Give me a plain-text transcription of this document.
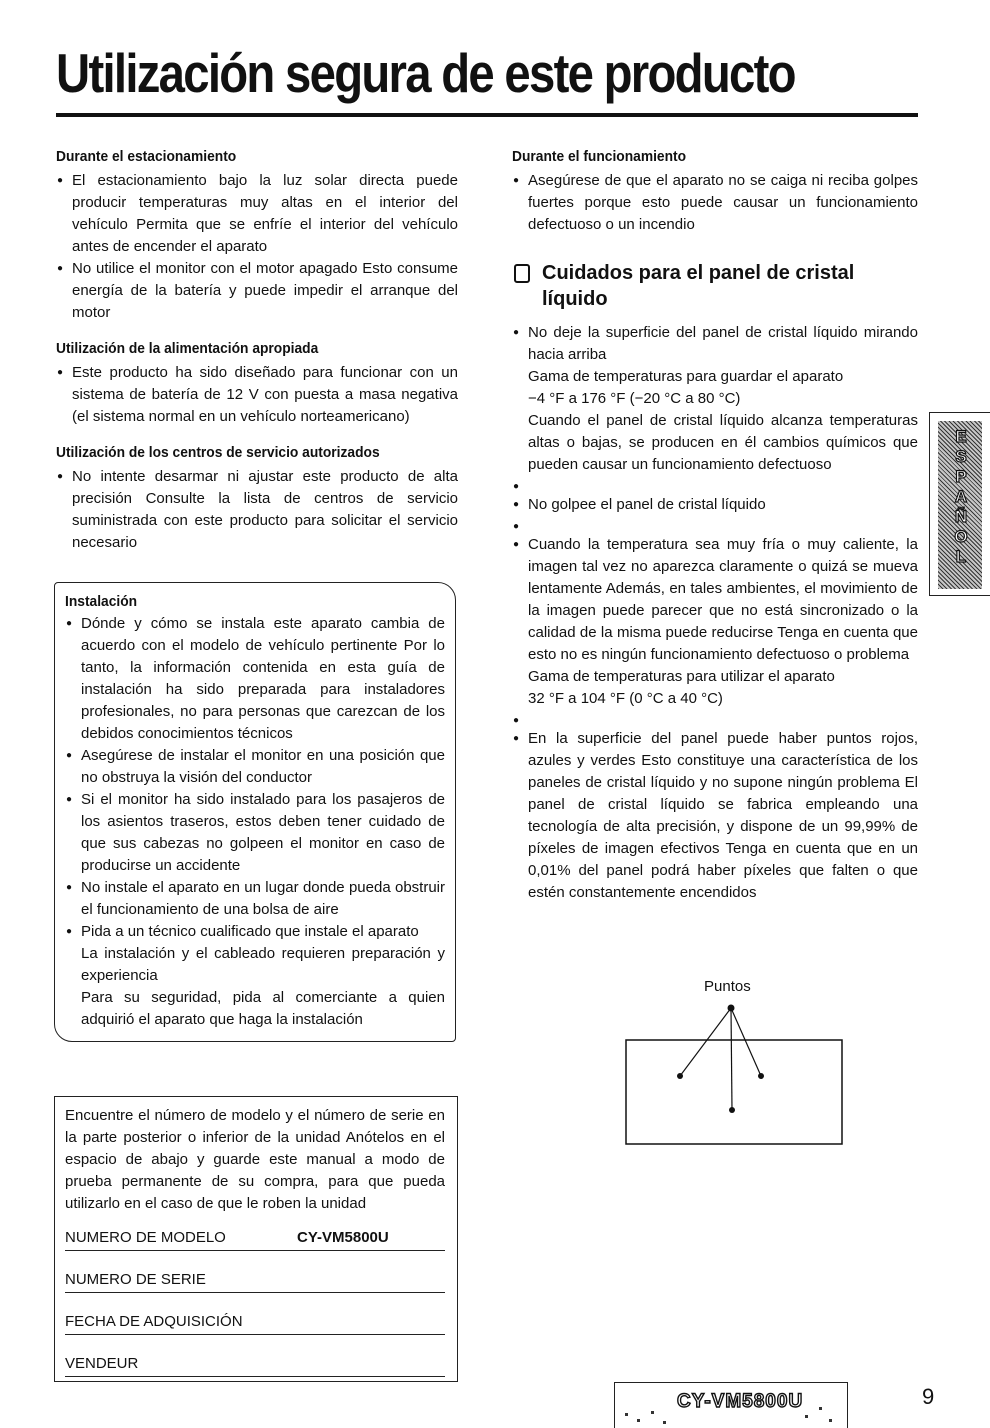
Utilización segura de este producto
Durante el estacionamiento
● El estacionamiento bajo la luz solar directa puede producir temperaturas muy altas en el interior del vehículo Permita que se enfríe el interior del vehículo antes de encender el aparato
● No utilice el monitor con el motor apagado Esto consume energía de la batería y puede impedir el arranque del motor
Utilización de la alimentación apropiada
● Este producto ha sido diseñado para funcionar con un sistema de batería de 12 V con puesta a masa negativa (el sistema normal en un vehículo norteamericano)
Utilización de los centros de servicio autorizados
● No intente desarmar ni ajustar este producto de alta precisión Consulte la lista de centros de servicio suministrada con este producto para solicitar el servicio necesario
Instalación
● Dónde y cómo se instala este aparato cambia de acuerdo con el modelo de vehículo pertinente Por lo tanto, la información contenida en esta guía de instalación ha sido preparada para instaladores profesionales, no para personas que carezcan de los debidos conocimientos técnicos
● Asegúrese de instalar el monitor en una posición que no obstruya la visión del conductor
● Si el monitor ha sido instalado para los pasajeros de los asientos traseros, estos deben tener cuidado de que sus cabezas no golpeen el monitor en caso de producirse un accidente
● No instale el aparato en un lugar donde pueda obstruir el funcionamiento de una bolsa de aire
● Pida a un técnico cualificado que instale el aparato
La instalación y el cableado requieren preparación y experiencia
Para su seguridad, pida al comerciante a quien adquirió el aparato que haga la instalación

Encuentre el número de modelo y el número de serie en la parte posterior o inferior de la unidad Anótelos en el espacio de abajo y guarde este manual a modo de prueba permanente de su compra, para que pueda utilizarlo en el caso de que le roben la unidad

NUMERO DE MODELO	CY-VM5800U
NUMERO DE SERIE
FECHA DE ADQUISICIÓN
VENDEUR
Durante el funcionamiento
● Asegúrese de que el aparato no se caiga ni reciba golpes fuertes porque esto puede causar un funcionamiento defectuoso o un incendio
Cuidados para el panel de cristal líquido
● No deje la superficie del panel de cristal líquido mirando hacia arriba
Gama de temperaturas para guardar el aparato
−4 °F a 176 °F (−20 °C a 80 °C)
Cuando el panel de cristal líquido alcanza temperaturas altas o bajas, se producen en él cambios químicos que pueden causar un funcionamiento defectuoso
●
● No golpee el panel de cristal líquido
●
● Cuando la temperatura sea muy fría o muy caliente, la imagen tal vez no aparezca claramente o quizá se mueva lentamente Además, en tales ambientes, el movimiento de la imagen puede parecer que no está sincronizado o la calidad de la misma puede reducirse Tenga en cuenta que esto no es ningún funcionamiento defectuoso o problema
Gama de temperaturas para utilizar el aparato
32 °F a 104 °F (0 °C a 40 °C)
●
● En la superficie del panel puede haber puntos rojos, azules y verdes Esto constituye una característica de los paneles de cristal líquido y no supone ningún problema El panel de cristal líquido se fabrica empleando una tecnología de alta precisión, y dispone de un 99,99% de píxeles de imagen efectivos Tenga en cuenta que en un 0,01% del panel podrá haber píxeles que falten o que estén constantemente encendidos
Puntos
ESPAÑOL
CY-VM5800U	9
